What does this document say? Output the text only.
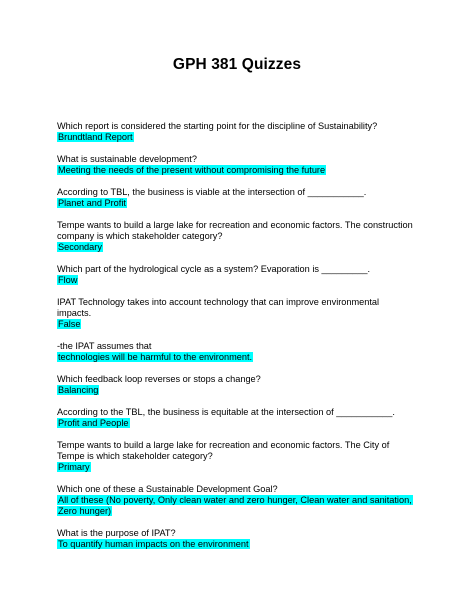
GPH 381 Quizzes
Which report is considered the starting point for the discipline of Sustainability?
Brundtland Report
What is sustainable development?
Meeting the needs of the present without compromising the future
According to TBL, the business is viable at the intersection of ___________.
Planet and Profit
Tempe wants to build a large lake for recreation and economic factors. The construction
company is which stakeholder category?
Secondary
Which part of the hydrological cycle as a system? Evaporation is _________.
Flow
IPAT Technology takes into account technology that can improve environmental
impacts.
False
-the IPAT assumes that
technologies will be harmful to the environment.
Which feedback loop reverses or stops a change?
Balancing
According to the TBL, the business is equitable at the intersection of ___________.
Profit and People
Tempe wants to build a large lake for recreation and economic factors. The City of
Tempe is which stakeholder category?
Primary
Which one of these a Sustainable Development Goal?
All of these (No poverty, Only clean water and zero hunger, Clean water and sanitation,
Zero hunger)
What is the purpose of IPAT?
To quantify human impacts on the environment
